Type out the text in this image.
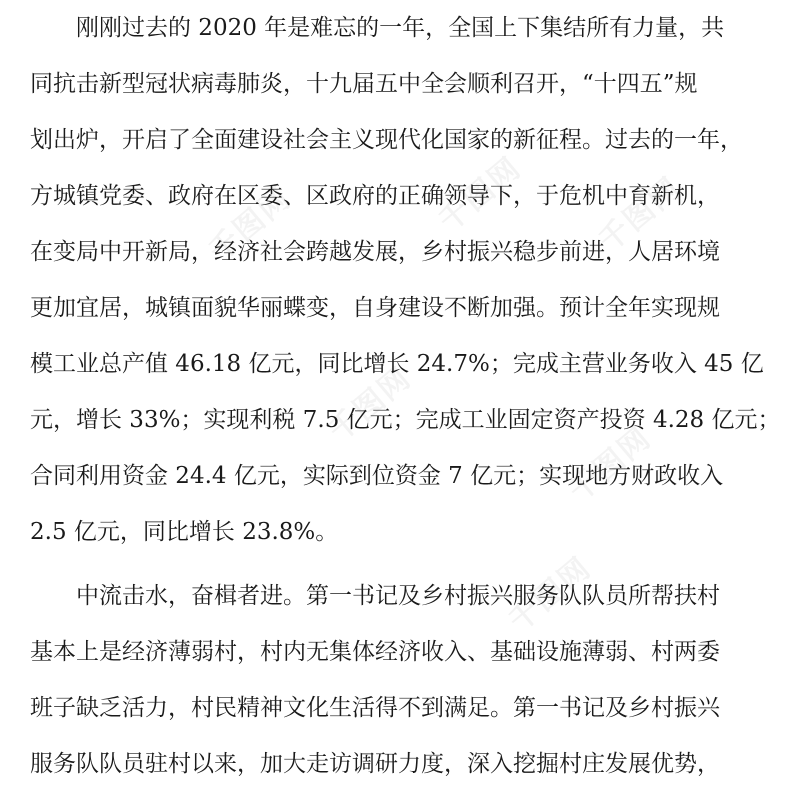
千图网	千图网 千图网
千图网
千图网
千图网
刚刚过去的 2020 年是难忘的一年，全国上下集结所有力量，共
同抗击新型冠状病毒肺炎，十九届五中全会顺利召开，“十四五”规
划出炉，开启了全面建设社会主义现代化国家的新征程。过去的一年，
方城镇党委、政府在区委、区政府的正确领导下，于危机中育新机，
在变局中开新局，经济社会跨越发展，乡村振兴稳步前进，人居环境
更加宜居，城镇面貌华丽蝶变，自身建设不断加强。预计全年实现规
模工业总产值 46.18 亿元，同比增长 24.7%；完成主营业务收入 45 亿
元，增长 33%；实现利税 7.5 亿元；完成工业固定资产投资 4.28 亿元；
合同利用资金 24.4 亿元，实际到位资金 7 亿元；实现地方财政收入
2.5 亿元，同比增长 23.8%。
中流击水，奋楫者进。第一书记及乡村振兴服务队队员所帮扶村
基本上是经济薄弱村，村内无集体经济收入、基础设施薄弱、村两委
班子缺乏活力，村民精神文化生活得不到满足。第一书记及乡村振兴
服务队队员驻村以来，加大走访调研力度，深入挖掘村庄发展优势，
